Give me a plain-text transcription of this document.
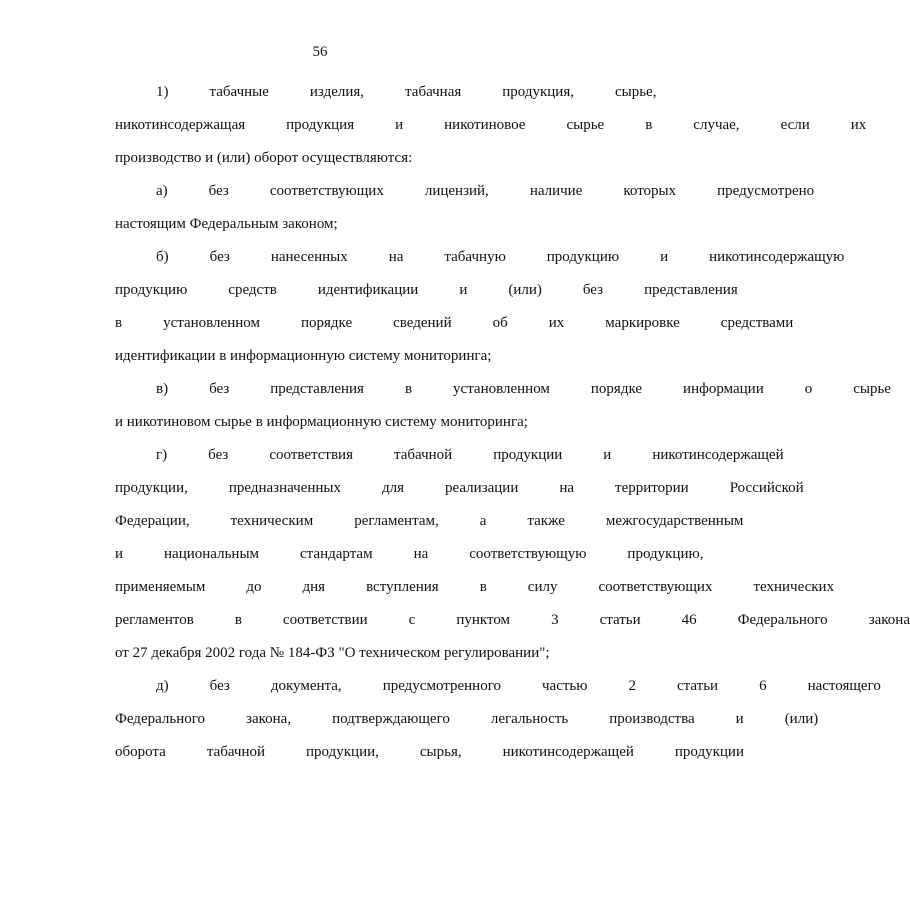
56
1)	табачные	изделия,	табачная	продукция,	сырье,
никотинсодержащая	продукция	и	никотиновое	сырье	в	случае,	если	их
производство и (или) оборот осуществляются:
а)	без	соответствующих	лицензий,	наличие	которых	предусмотрено
настоящим Федеральным законом;
б)	без	нанесенных	на	табачную	продукцию	и	никотинсодержащую
продукцию	средств	идентификации	и	(или)	без	представления
в	установленном	порядке	сведений	об	их	маркировке	средствами
идентификации в информационную систему мониторинга;
в)	без	представления	в	установленном	порядке	информации	о	сырье
и никотиновом сырье в информационную систему мониторинга;
г)	без	соответствия	табачной	продукции	и	никотинсодержащей
продукции,	предназначенных	для	реализации	на	территории	Российской
Федерации,	техническим	регламентам,	а	также	межгосударственным
и	национальным	стандартам	на	соответствующую	продукцию,
применяемым	до	дня	вступления	в	силу	соответствующих	технических
регламентов	в	соответствии	с	пунктом	3	статьи	46	Федерального	закона
от 27 декабря 2002 года № 184-ФЗ "О техническом регулировании";
д)	без	документа,	предусмотренного	частью	2	статьи	6	настоящего
Федерального	закона,	подтверждающего	легальность	производства	и	(или)
оборота	табачной	продукции,	сырья,	никотинсодержащей	продукции
